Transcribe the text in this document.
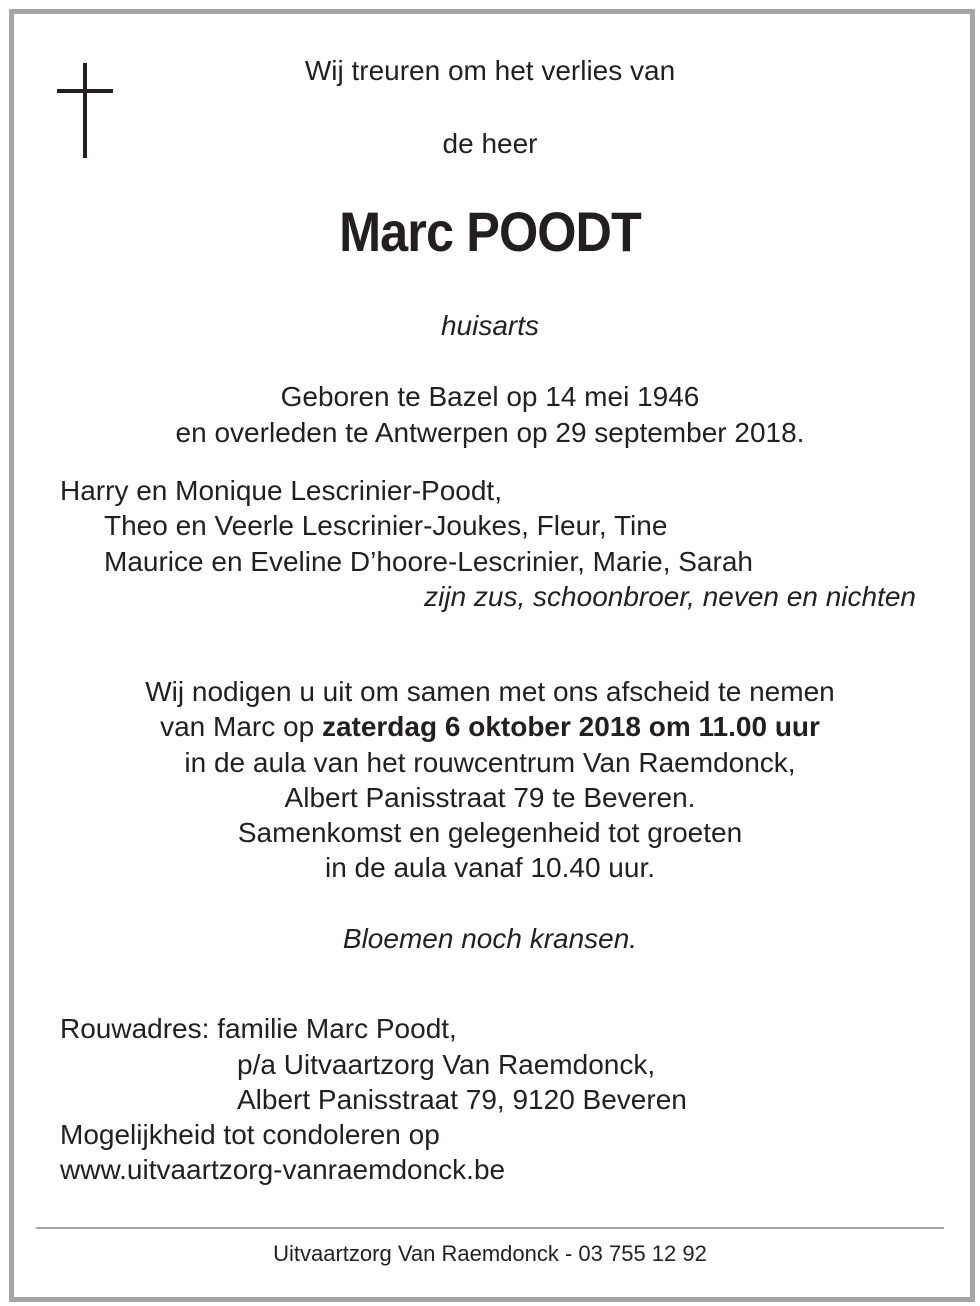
Wij treuren om het verlies van
de heer
Marc POODT
huisarts
Geboren te Bazel op 14 mei 1946
en overleden te Antwerpen op 29 september 2018.
Harry en Monique Lescrinier-Poodt,
Theo en Veerle Lescrinier-Joukes, Fleur, Tine
Maurice en Eveline D’hoore-Lescrinier, Marie, Sarah
zijn zus, schoonbroer, neven en nichten
Wij nodigen u uit om samen met ons afscheid te nemen
van Marc op zaterdag 6 oktober 2018 om 11.00 uur
in de aula van het rouwcentrum Van Raemdonck,
Albert Panisstraat 79 te Beveren.
Samenkomst en gelegenheid tot groeten
in de aula vanaf 10.40 uur.
Bloemen noch kransen.
Rouwadres: familie Marc Poodt,
p/a Uitvaartzorg Van Raemdonck,
Albert Panisstraat 79, 9120 Beveren
Mogelijkheid tot condoleren op
www.uitvaartzorg-vanraemdonck.be
Uitvaartzorg Van Raemdonck - 03 755 12 92
